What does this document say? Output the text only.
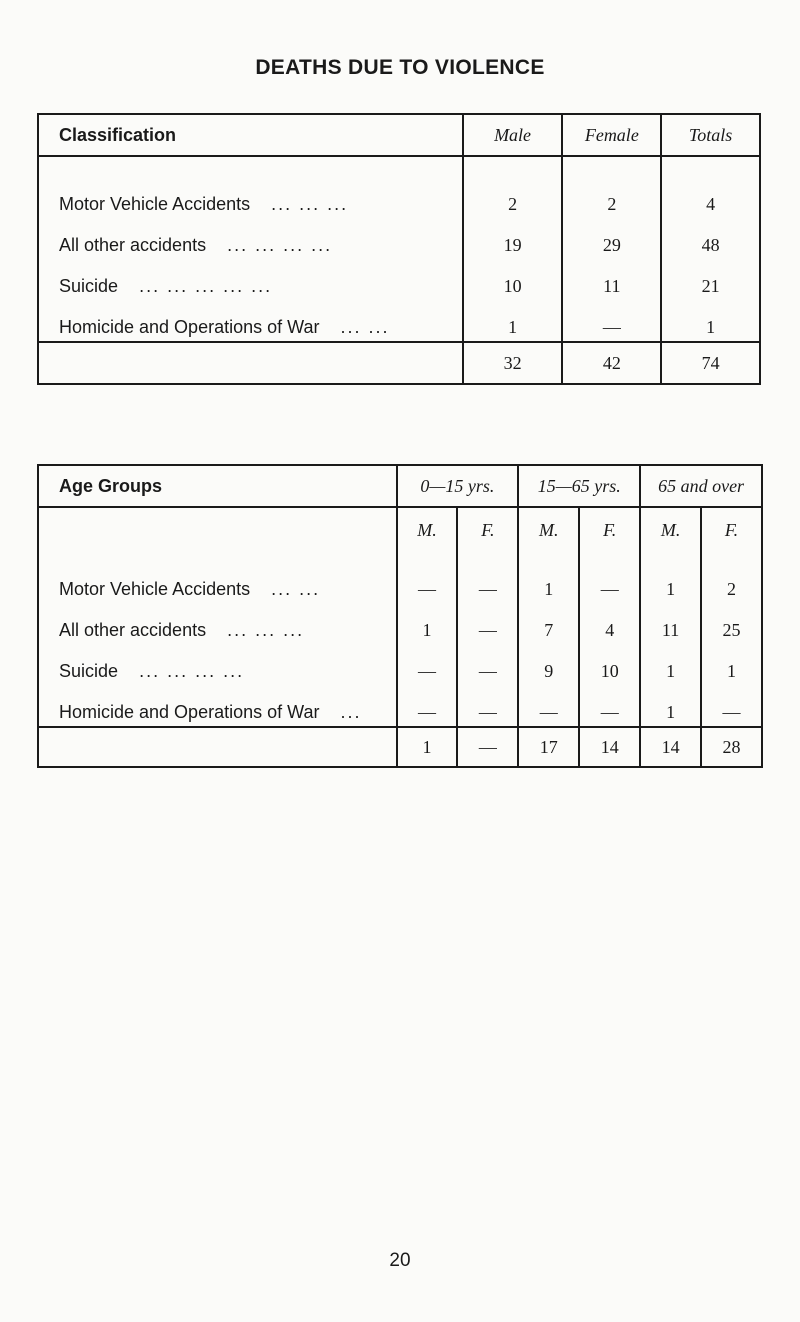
DEATHS DUE TO VIOLENCE
Classification	Male	Female	Totals
Motor Vehicle Accidents ... ... ...	2	2	4
All other accidents ... ... ... ...	19	29	48
Suicide ... ... ... ... ...	10	11	21
Homicide and Operations of War ... ...	1	—	1
	32	42	74
Age Groups	0—15 yrs.		15—65 yrs.		65 and over	
	M.	F.	M.	F.	M.	F.
Motor Vehicle Accidents ... ...	—	—	1	—	1	2
All other accidents ... ... ...	1	—	7	4	11	25
Suicide ... ... ... ...	—	—	9	10	1	1
Homicide and Operations of War ...	—	—	—	—	1	—
	1	—	17	14	14	28
20
